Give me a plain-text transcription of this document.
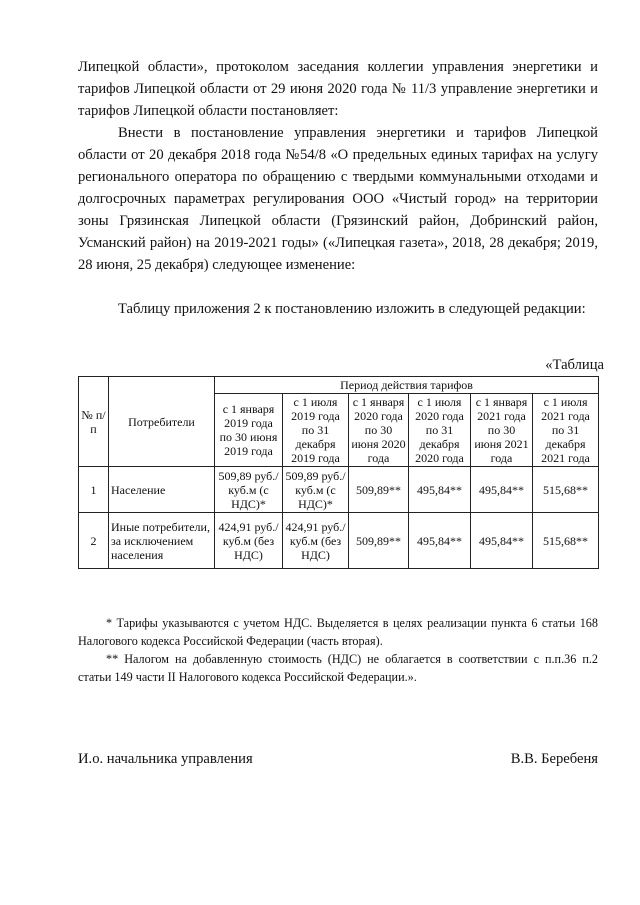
Липецкой области», протоколом заседания коллегии управления энергетики и тарифов Липецкой области от 29 июня 2020 года № 11/3 управление энергетики и тарифов Липецкой области постановляет:

Внести в постановление управления энергетики и тарифов Липецкой области от 20 декабря 2018 года №54/8 «О предельных единых тарифах на услугу регионального оператора по обращению с твердыми коммунальными отходами и долгосрочных параметрах регулирования ООО «Чистый город» на территории зоны Грязинская Липецкой области (Грязинский район, Добринский район, Усманский район) на 2019-2021 годы» («Липецкая газета», 2018, 28 декабря; 2019, 28 июня, 25 декабря) следующее изменение:

Таблицу приложения 2 к постановлению изложить в следующей редакции:

«Таблица
№ п/п	Потребители	Период действия тарифов					
		с 1 января 2019 года по 30 июня 2019 года	с 1 июля 2019 года по 31 декабря 2019 года	с 1 января 2020 года по 30 июня 2020 года	с 1 июля 2020 года по 31 декабря 2020 года	с 1 января 2021 года по 30 июня 2021 года	с 1 июля 2021 года по 31 декабря 2021 года
1	Население	509,89 руб./куб.м (с НДС)*	509,89 руб./куб.м (с НДС)*	509,89**	495,84**	495,84**	515,68**
2	Иные потребители, за исключением населения	424,91 руб./куб.м (без НДС)	424,91 руб./куб.м (без НДС)	509,89**	495,84**	495,84**	515,68**

* Тарифы указываются с учетом НДС. Выделяется в целях реализации пункта 6 статьи 168 Налогового кодекса Российской Федерации (часть вторая).

** Налогом на добавленную стоимость (НДС) не облагается в соответствии с п.п.36 п.2 статьи 149 части II Налогового кодекса Российской Федерации.».

И.о. начальника управления	В.В. Беребеня
